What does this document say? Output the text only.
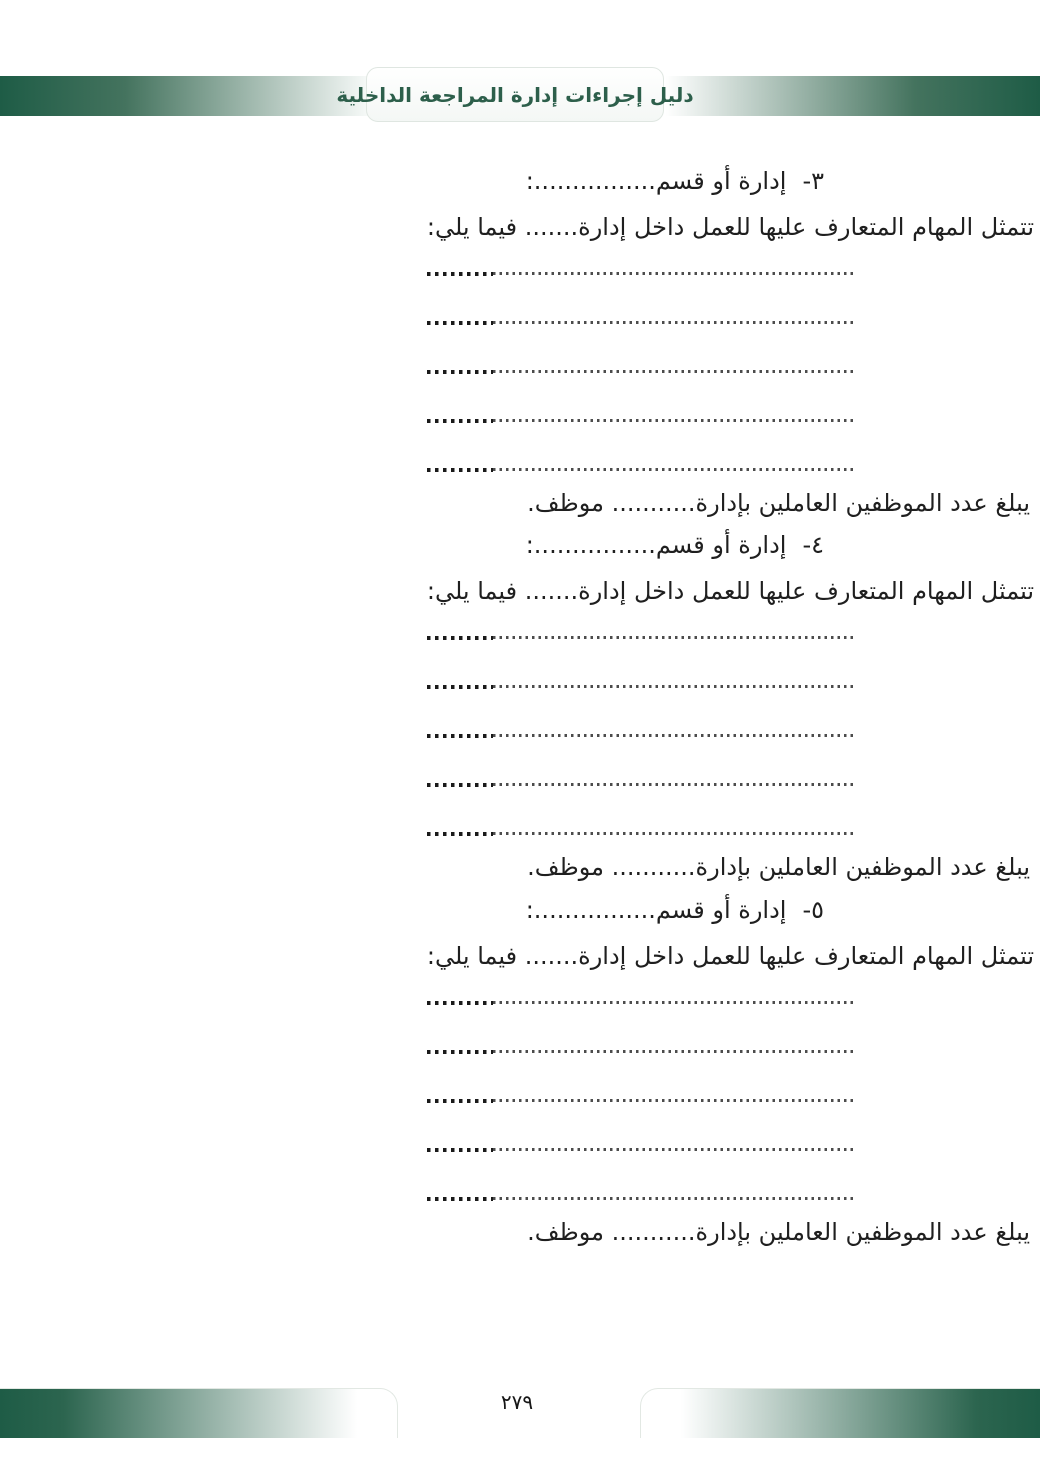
دليل إجراءات إدارة المراجعة الداخلية
٣-إدارة أو قسم................:
تتمثل المهام المتعارف عليها للعمل داخل إدارة....... فيما يلي:
يبلغ عدد الموظفين العاملين بإدارة........... موظف.
٤-إدارة أو قسم................:
تتمثل المهام المتعارف عليها للعمل داخل إدارة....... فيما يلي:
يبلغ عدد الموظفين العاملين بإدارة........... موظف.
٥-إدارة أو قسم................:
تتمثل المهام المتعارف عليها للعمل داخل إدارة....... فيما يلي:
يبلغ عدد الموظفين العاملين بإدارة........... موظف.
٢٧٩
